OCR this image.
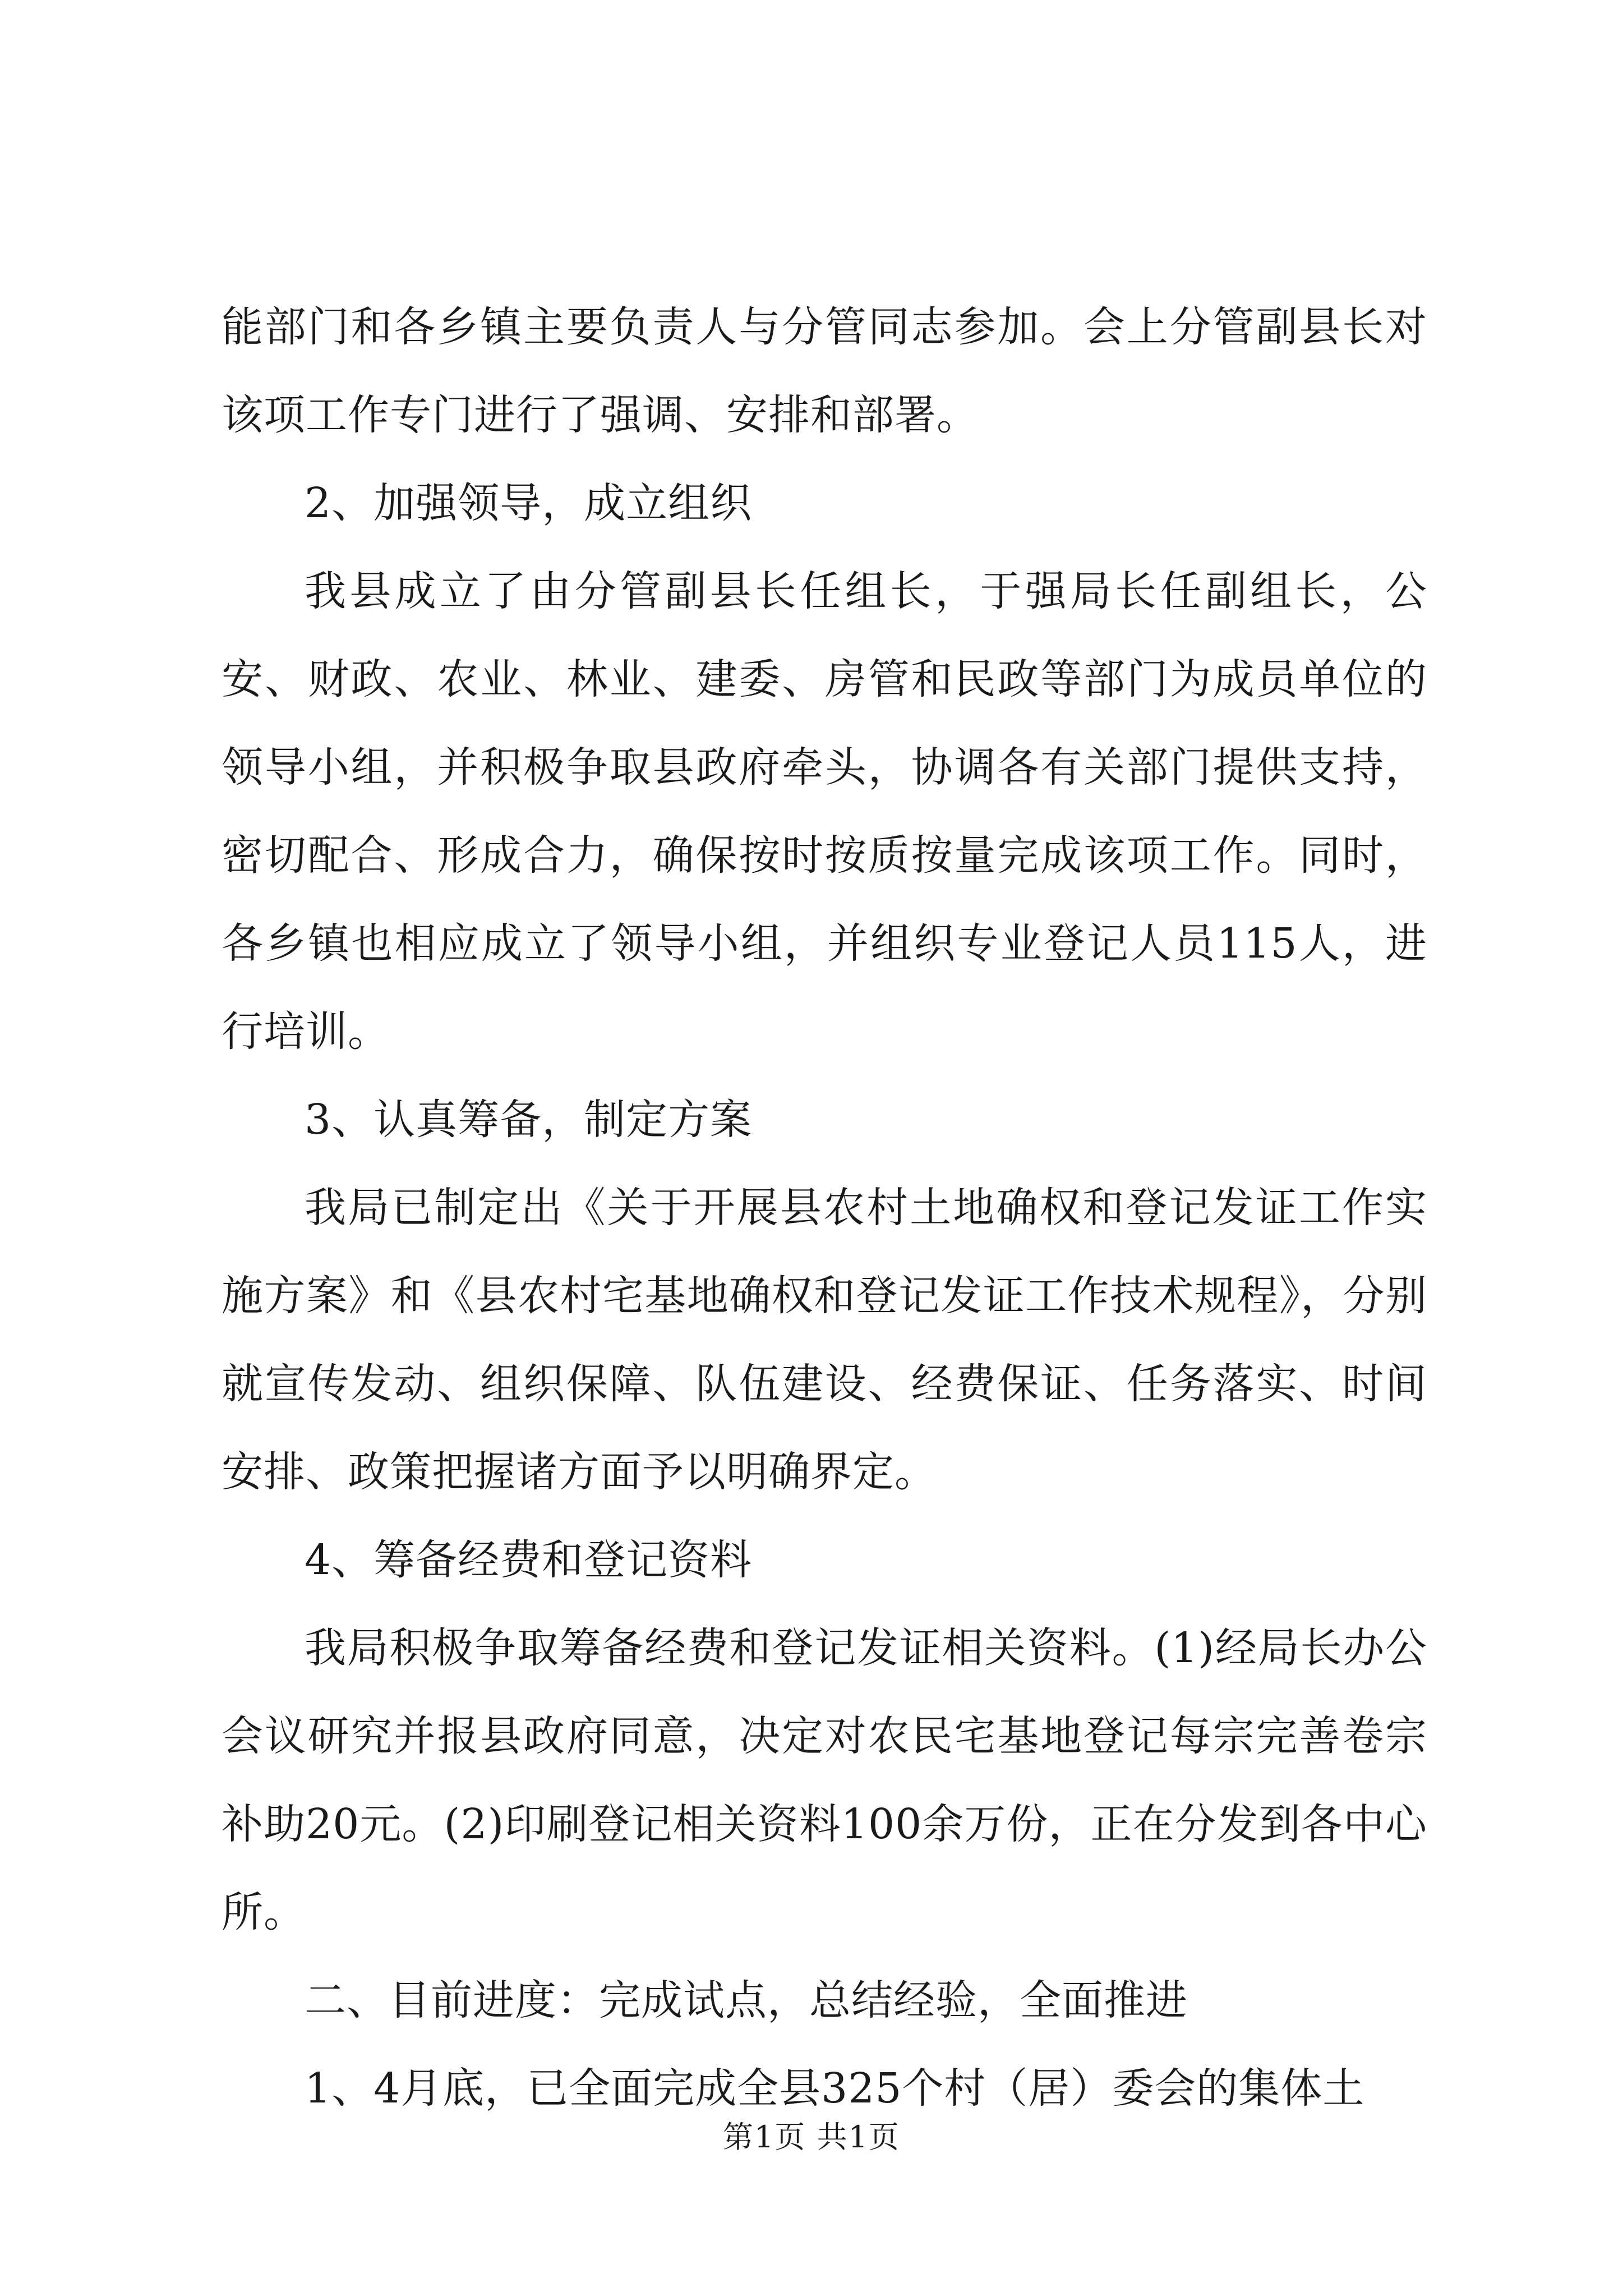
能部门和各乡镇主要负责人与分管同志参加。会上分管副县长对该项工作专门进行了强调、安排和部署。

2、加强领导，成立组织

我县成立了由分管副县长任组长，于强局长任副组长，公安、财政、农业、林业、建委、房管和民政等部门为成员单位的领导小组，并积极争取县政府牵头，协调各有关部门提供支持，密切配合、形成合力，确保按时按质按量完成该项工作。同时，各乡镇也相应成立了领导小组，并组织专业登记人员115人，进行培训。

3、认真筹备，制定方案

我局已制定出《关于开展县农村土地确权和登记发证工作实施方案》和《县农村宅基地确权和登记发证工作技术规程》，分别就宣传发动、组织保障、队伍建设、经费保证、任务落实、时间安排、政策把握诸方面予以明确界定。

4、筹备经费和登记资料

我局积极争取筹备经费和登记发证相关资料。(1)经局长办公会议研究并报县政府同意，决定对农民宅基地登记每宗完善卷宗补助20元。(2)印刷登记相关资料100余万份，正在分发到各中心所。

二、目前进度：完成试点，总结经验，全面推进

1、4月底，已全面完成全县325个村（居）委会的集体土

第1页 共1页
